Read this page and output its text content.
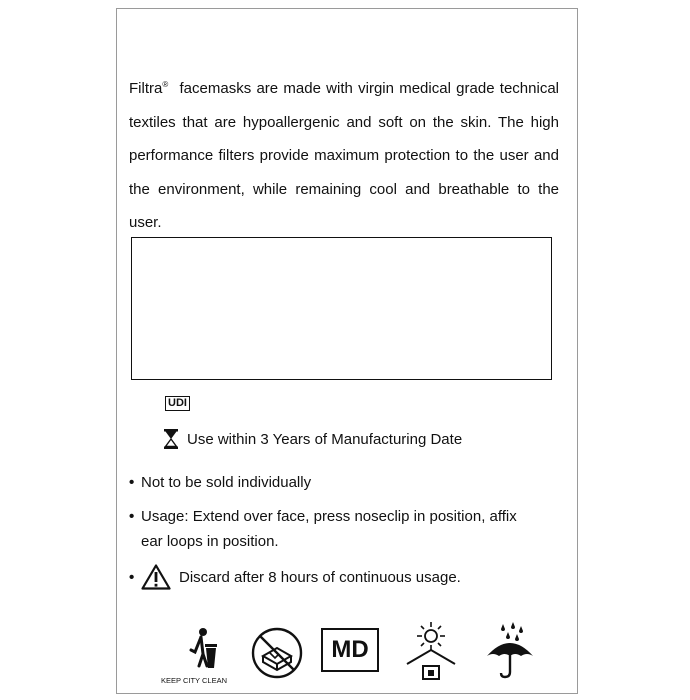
Filtra® facemasks are made with virgin medical grade technical textiles that are hypoallergenic and soft on the skin. The high performance filters provide maximum protection to the user and the environment, while remaining cool and breathable to the user.

UDI
Use within 3 Years of Manufacturing Date
• Not to be sold individually
• Usage: Extend over face, press noseclip in position, affix
ear loops in position.
•	Discard after 8 hours of continuous usage.
KEEP CITY CLEAN
MD
